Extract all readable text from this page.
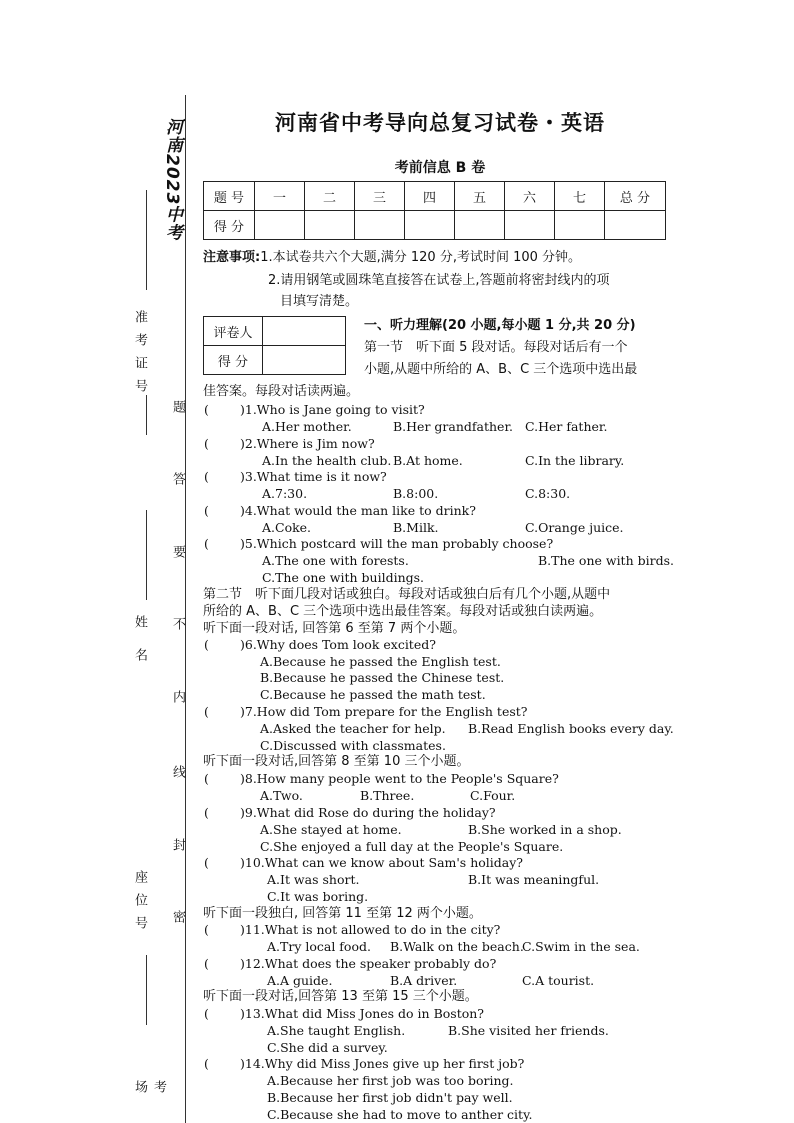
河南2023中考
准考证号
姓名
座位号
考场
题
答
要
不
内
线
封
密
河南省中考导向总复习试卷・英语
考前信息 B 卷
题 号	一	二	三	四	五	六	七	总 分
得 分								
注意事项:1.本试卷共六个大题,满分 120 分,考试时间 100 分钟。
2.请用钢笔或圆珠笔直接答在试卷上,答题前将密封线内的项
目填写清楚。
评卷人	
得 分	
一、听力理解(20 小题,每小题 1 分,共 20 分)
第一节　听下面 5 段对话。每段对话后有一个
小题,从题中所给的 A、B、C 三个选项中选出最
佳答案。每段对话读两遍。
( )1.Who is Jane going to visit?
A.Her mother.	B.Her grandfather. C.Her father.
( )2.Where is Jim now?
A.In the health club. B.At home.	C.In the library.
( )3.What time is it now?
A.7:30.	B.8:00.	C.8:30.
( )4.What would the man like to drink?
A.Coke.	B.Milk.	C.Orange juice.
( )5.Which postcard will the man probably choose?
A.The one with forests.	B.The one with birds.
C.The one with buildings.
第二节　听下面几段对话或独白。每段对话或独白后有几个小题,从题中
所给的 A、B、C 三个选项中选出最佳答案。每段对话或独白读两遍。
听下面一段对话, 回答第 6 至第 7 两个小题。
( )6.Why does Tom look excited?
A.Because he passed the English test.
B.Because he passed the Chinese test.
C.Because he passed the math test.
( )7.How did Tom prepare for the English test?
A.Asked the teacher for help. B.Read English books every day.
C.Discussed with classmates.
听下面一段对话,回答第 8 至第 10 三个小题。
( )8.How many people went to the People's Square?
A.Two.	B.Three.	C.Four.
( )9.What did Rose do during the holiday?
A.She stayed at home.	B.She worked in a shop.
C.She enjoyed a full day at the People's Square.
( )10.What can we know about Sam's holiday?
A.It was short.	B.It was meaningful.
C.It was boring.
听下面一段独白, 回答第 11 至第 12 两个小题。
( )11.What is not allowed to do in the city?
A.Try local food. B.Walk on the beach.
C.Swim in the sea.
( )12.What does the speaker probably do?
A.A guide.	B.A driver.	C.A tourist.
听下面一段对话,回答第 13 至第 15 三个小题。
( )13.What did Miss Jones do in Boston?
A.She taught English.	B.She visited her friends.
C.She did a survey.
( )14.Why did Miss Jones give up her first job?
A.Because her first job was too boring.
B.Because her first job didn't pay well.
C.Because she had to move to anther city.
